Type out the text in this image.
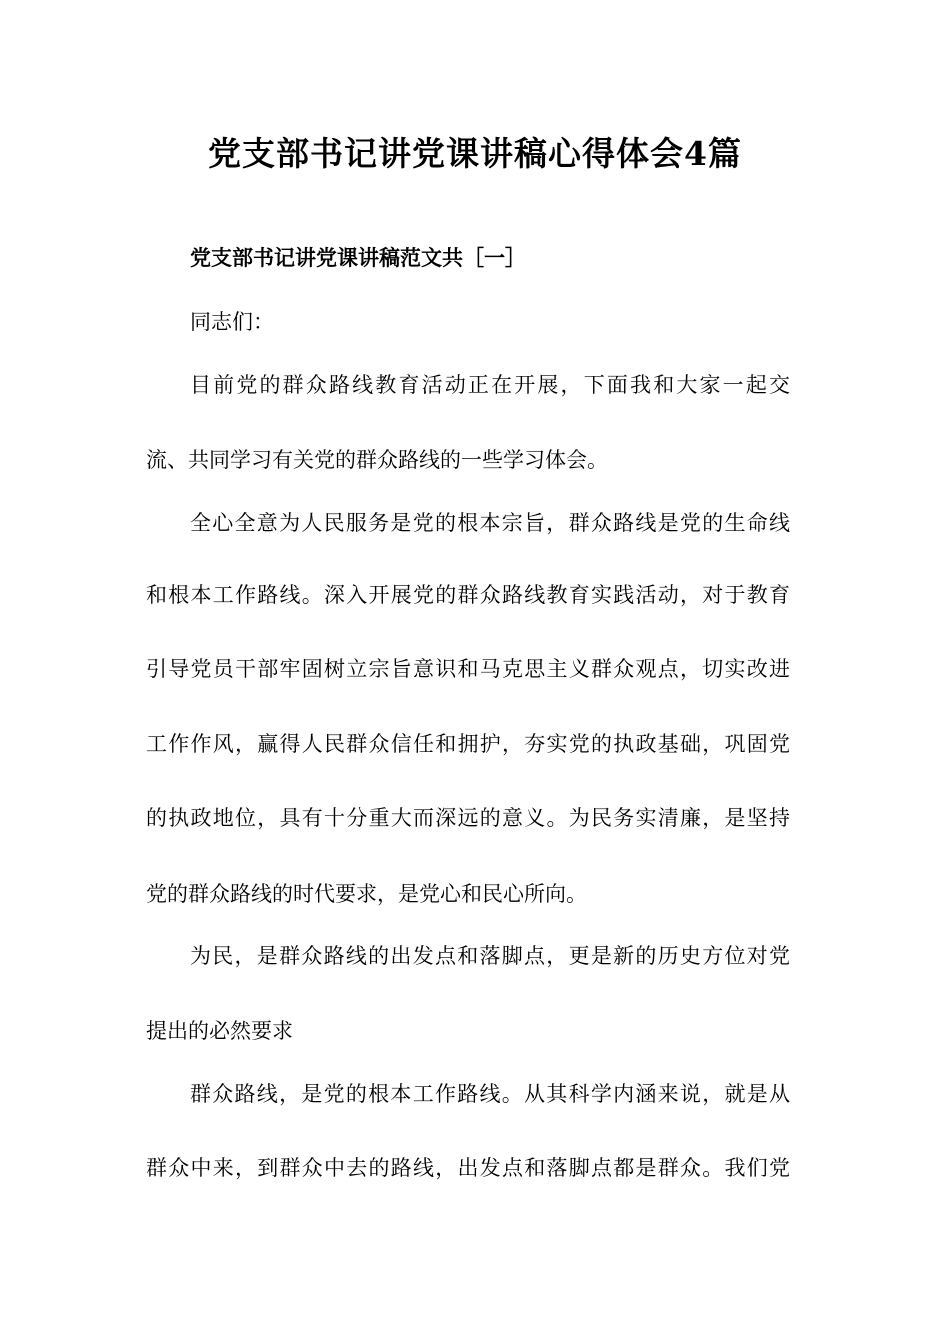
党支部书记讲党课讲稿心得体会4篇
党支部书记讲党课讲稿范文共［一］
同志们：
目前党的群众路线教育活动正在开展，下面我和大家一起交
流、共同学习有关党的群众路线的一些学习体会。
全心全意为人民服务是党的根本宗旨，群众路线是党的生命线
和根本工作路线。深入开展党的群众路线教育实践活动，对于教育
引导党员干部牢固树立宗旨意识和马克思主义群众观点，切实改进
工作作风，赢得人民群众信任和拥护，夯实党的执政基础，巩固党
的执政地位，具有十分重大而深远的意义。为民务实清廉，是坚持
党的群众路线的时代要求，是党心和民心所向。
为民，是群众路线的出发点和落脚点，更是新的历史方位对党
提出的必然要求
群众路线，是党的根本工作路线。从其科学内涵来说，就是从
群众中来，到群众中去的路线，出发点和落脚点都是群众。我们党
